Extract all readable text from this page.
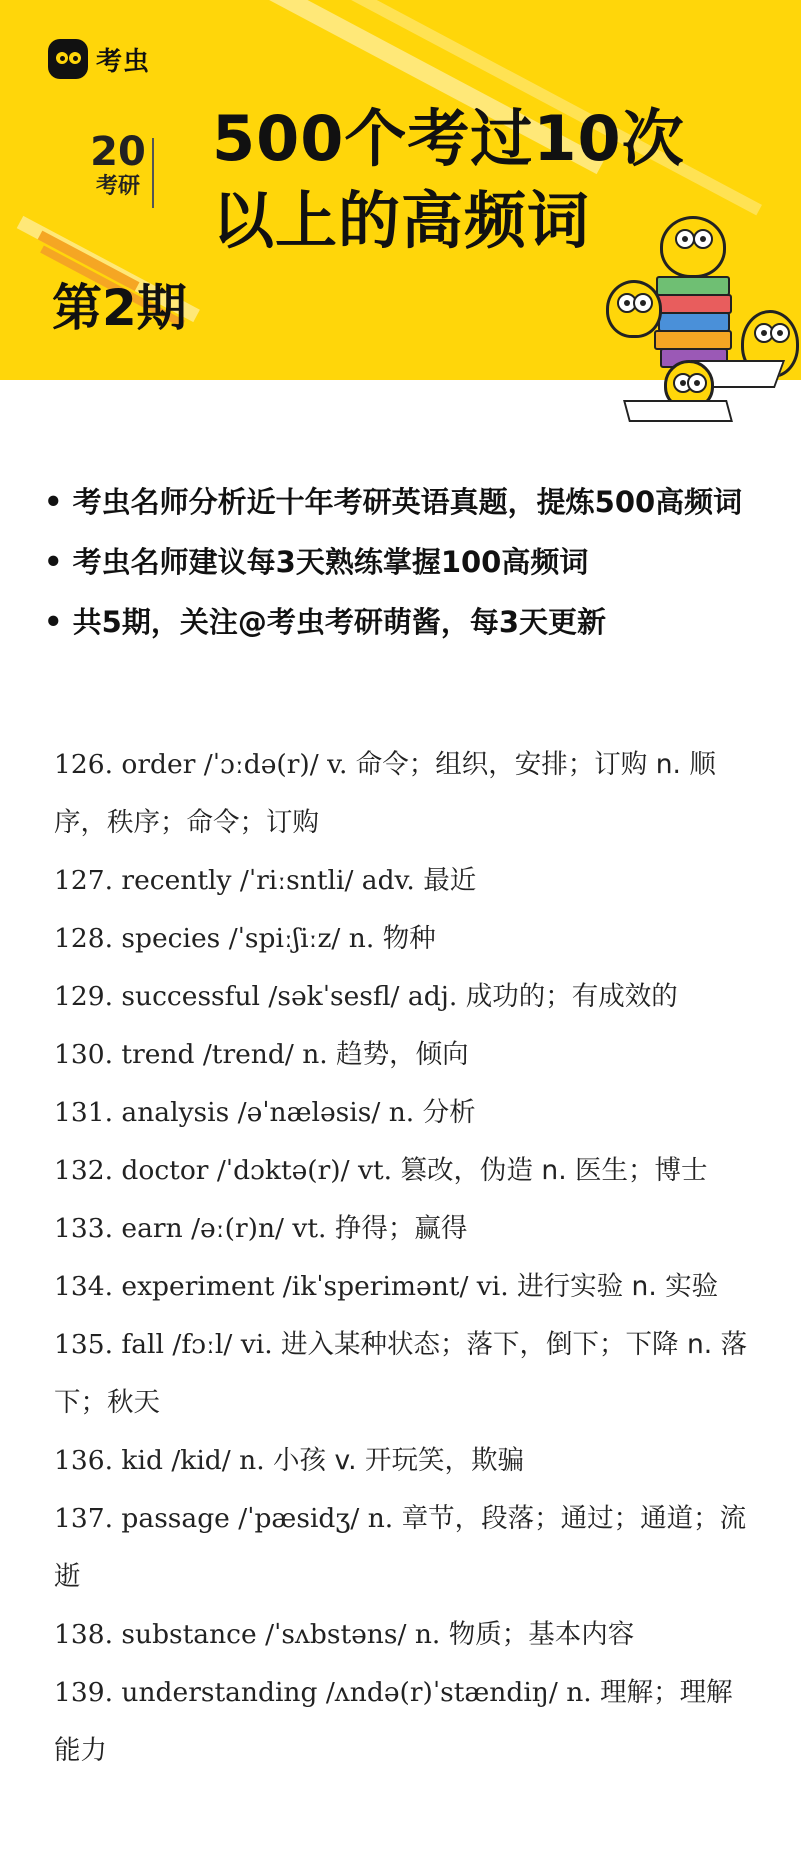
考虫
20
考研
500个考过10次
以上的高频词
第2期
• 考虫名师分析近十年考研英语真题，提炼500高频词
• 考虫名师建议每3天熟练掌握100高频词
• 共5期，关注@考虫考研萌酱，每3天更新
126. order /ˈɔːdə(r)/ v. 命令；组织，安排；订购 n. 顺序，秩序；命令；订购
127. recently /ˈriːsntli/ adv. 最近
128. species /ˈspiːʃiːz/ n. 物种
129. successful /səkˈsesfl/ adj. 成功的；有成效的
130. trend /trend/ n. 趋势，倾向
131. analysis /əˈnæləsis/ n. 分析
132. doctor /ˈdɔktə(r)/ vt. 篡改，伪造 n. 医生；博士
133. earn /əː(r)n/ vt. 挣得；赢得
134. experiment /ikˈsperimənt/ vi. 进行实验 n. 实验
135. fall /fɔːl/ vi. 进入某种状态；落下，倒下；下降 n. 落下；秋天
136. kid /kid/ n. 小孩 v. 开玩笑，欺骗
137. passage /ˈpæsidʒ/ n. 章节，段落；通过；通道；流逝
138. substance /ˈsʌbstəns/ n. 物质；基本内容
139. understanding /ʌndə(r)ˈstændiŋ/ n. 理解；理解能力
